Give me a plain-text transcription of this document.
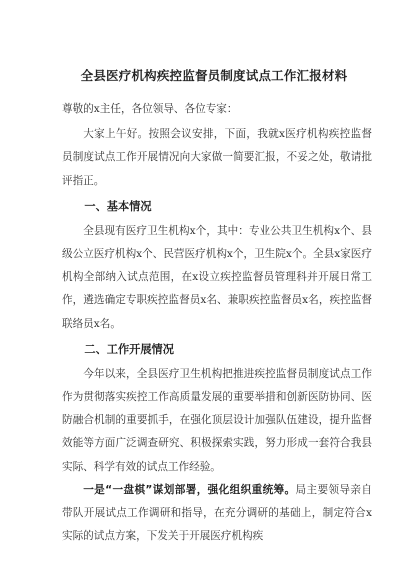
全县医疗机构疾控监督员制度试点工作汇报材料

尊敬的x主任，各位领导、各位专家：

大家上午好。按照会议安排，下面，我就x医疗机构疾控监督员制度试点工作开展情况向大家做一简要汇报，不妥之处，敬请批评指正。

一、基本情况

全县现有医疗卫生机构x个，其中：专业公共卫生机构x个、县级公立医疗机构x个、民营医疗机构x个，卫生院x个。全县x家医疗机构全部纳入试点范围，在x设立疾控监督员管理科并开展日常工作，遴选确定专职疾控监督员x名、兼职疾控监督员x名，疾控监督联络员x名。

二、工作开展情况

今年以来，全县医疗卫生机构把推进疾控监督员制度试点工作作为贯彻落实疾控工作高质量发展的重要举措和创新医防协同、医防融合机制的重要抓手，在强化顶层设计加强队伍建设，提升监督效能等方面广泛调查研究、积极探索实践，努力形成一套符合我县实际、科学有效的试点工作经验。

一是“一盘棋”谋划部署，强化组织重统筹。局主要领导亲自带队开展试点工作调研和指导，在充分调研的基础上，制定符合x实际的试点方案，下发关于开展医疗机构疾
